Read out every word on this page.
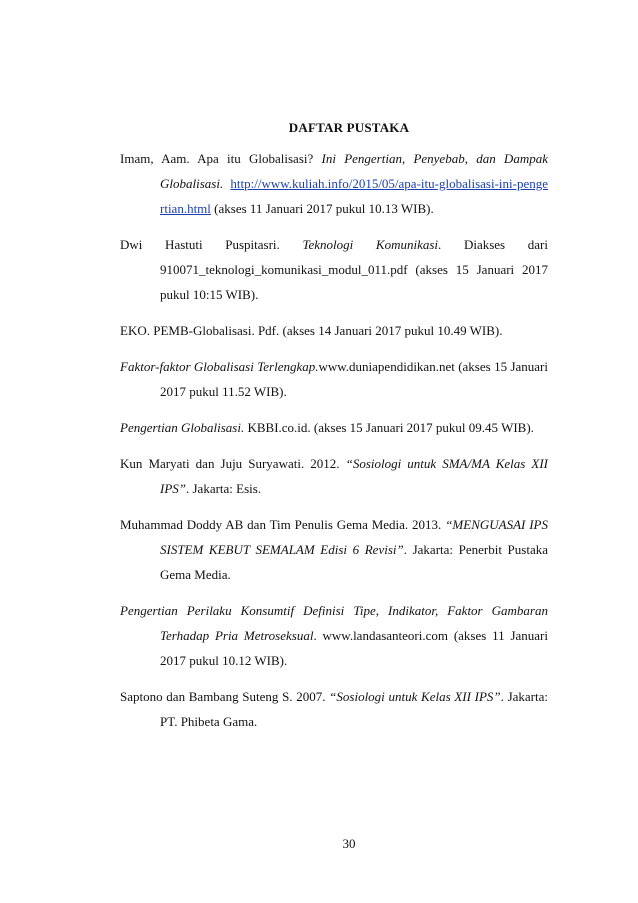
DAFTAR PUSTAKA

Imam, Aam. Apa itu Globalisasi? Ini Pengertian, Penyebab, dan Dampak Globalisasi. http://www.kuliah.info/2015/05/apa-itu-globalisasi-ini-pengertian.html (akses 11 Januari 2017 pukul 10.13 WIB).

Dwi Hastuti Puspitasri. Teknologi Komunikasi. Diakses dari 910071_teknologi_komunikasi_modul_011.pdf (akses 15 Januari 2017 pukul 10:15 WIB).

EKO. PEMB-Globalisasi. Pdf. (akses 14 Januari 2017 pukul 10.49 WIB).

Faktor-faktor Globalisasi Terlengkap.www.duniapendidikan.net (akses 15 Januari 2017 pukul 11.52 WIB).

Pengertian Globalisasi. KBBI.co.id. (akses 15 Januari 2017 pukul 09.45 WIB).

Kun Maryati dan Juju Suryawati. 2012. “Sosiologi untuk SMA/MA Kelas XII IPS”. Jakarta: Esis.

Muhammad Doddy AB dan Tim Penulis Gema Media. 2013. “MENGUASAI IPS SISTEM KEBUT SEMALAM Edisi 6 Revisi”. Jakarta: Penerbit Pustaka Gema Media.

Pengertian Perilaku Konsumtif Definisi Tipe, Indikator, Faktor Gambaran Terhadap Pria Metroseksual. www.landasanteori.com (akses 11 Januari 2017 pukul 10.12 WIB).

Saptono dan Bambang Suteng S. 2007. “Sosiologi untuk Kelas XII IPS”. Jakarta: PT. Phibeta Gama.

30
